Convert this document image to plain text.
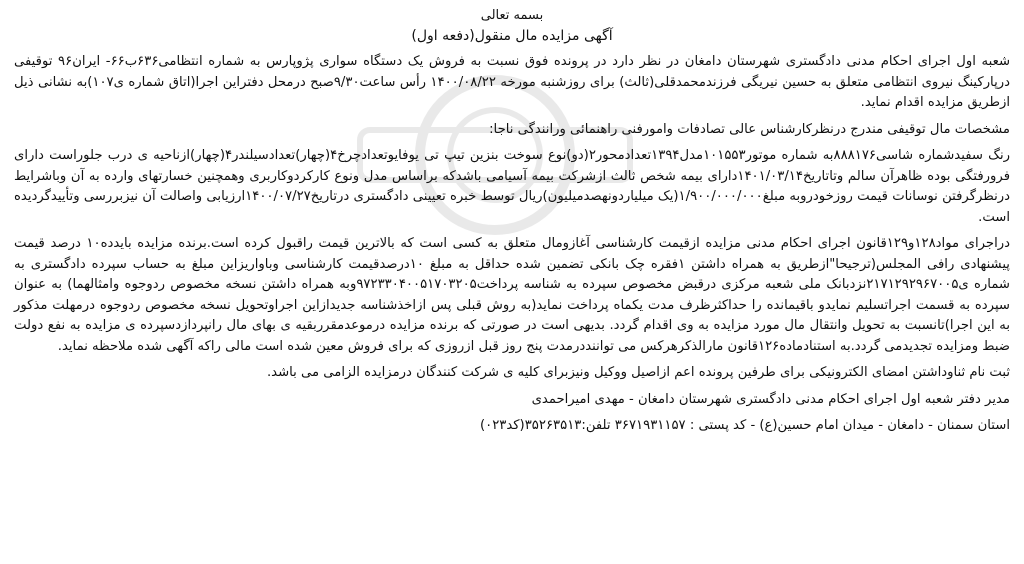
بسمه تعالی
آگهی مزایده مال منقول(دفعه اول)

شعبه اول اجرای احکام مدنی دادگستری شهرستان دامغان در نظر دارد در پرونده فوق نسبت به فروش یک دستگاه سواری پژوپارس به شماره انتظامی۶۳۶ب۶۶- ایران۹۶ توقیفی درپارکینگ نیروی انتظامی متعلق به حسین نیریگی فرزندمحمدقلی(ثالث) برای روزشنبه مورخه ۱۴۰۰/۰۸/۲۲ رأس ساعت۹/۳۰صبح درمحل دفتراین اجرا(اتاق شماره ی۱۰۷)به نشانی ذیل ازطریق مزایده اقدام نماید.

مشخصات مال توقیفی مندرج درنظرکارشناس عالی تصادفات وامورفنی راهنمائی ورانندگی ناجا:

رنگ سفیدشماره شاسی۸۸۸۱۷۶به شماره موتور۱۰۱۵۵۳مدل۱۳۹۴تعدادمحور۲(دو)نوع سوخت بنزین تیپ تی یوفایوتعدادچرخ۴(چهار)تعدادسیلندر۴(چهار)ازناحیه ی درب جلوراست دارای فرورفتگی بوده ظاهرآن سالم وتاتاریخ۱۴۰۱/۰۳/۱۴دارای بیمه شخص ثالث ازشرکت بیمه آسیامی باشدکه براساس مدل ونوع کارکردوکاربری وهمچنین خسارتهای وارده به آن وباشرایط درنظرگرفتن نوسانات قیمت روزخودروبه مبلغ۱/۹۰۰/۰۰۰/۰۰۰(یک میلیاردونهصدمیلیون)ریال توسط خبره تعیینی دادگستری درتاریخ۱۴۰۰/۰۷/۲۷ارزیابی واصالت آن نیزبررسی وتأییدگردیده است.

دراجرای مواد۱۲۸و۱۲۹قانون اجرای احکام مدنی مزایده ازقیمت کارشناسی آغازومال متعلق به کسی است که بالاترین قیمت راقبول کرده است.برنده مزایده بایدده۱۰ درصد قیمت پیشنهادی رافی المجلس(ترجیحا"ازطریق به همراه داشتن ۱فقره چک بانکی تضمین شده حداقل به مبلغ ۱۰درصدقیمت کارشناسی وباواریزاین مبلغ به حساب سپرده دادگستری به شماره ی۲۱۷۱۲۹۲۹۶۷۰۰۵نزدبانک ملی شعبه مرکزی درقبض مخصوص سپرده به شناسه پرداخت۹۷۲۳۳۰۴۰۰۵۱۷۰۳۲۰۵وبه همراه داشتن نسخه مخصوص ردوجوه وامثالهما) به عنوان سپرده به قسمت اجراتسلیم نمایدو باقیمانده را حداکثرظرف مدت یکماه پرداخت نماید(به روش قبلی پس ازاخذشناسه جدیدازاین اجراوتحویل نسخه مخصوص ردوجوه درمهلت مذکور به این اجرا)تانسبت به تحویل وانتقال مال مورد مزایده به وی اقدام گردد. بدیهی است در صورتی که برنده مزایده درموعدمقرربقیه ی بهای مال رانپردازدسپرده ی مزایده به نفع دولت ضبط ومزایده تجدیدمی گردد.به استنادماده۱۲۶قانون مارالذکرهرکس می تواننددرمدت پنج روز قبل ازروزی که برای فروش معین شده است مالی راکه آگهی شده ملاحظه نماید.

ثبت نام ثناوداشتن امضای الکترونیکی برای طرفین پرونده اعم ازاصیل ووکیل ونیزبرای کلیه ی شرکت کنندگان درمزایده الزامی می باشد.

مدیر دفتر شعبه اول اجرای احکام مدنی دادگستری شهرستان دامغان - مهدی امیراحمدی

استان سمنان - دامغان - میدان امام حسین(ع) - کد پستی : ۳۶۷۱۹۳۱۱۵۷ تلفن:۳۵۲۶۳۵۱۳(کد۰۲۳)
